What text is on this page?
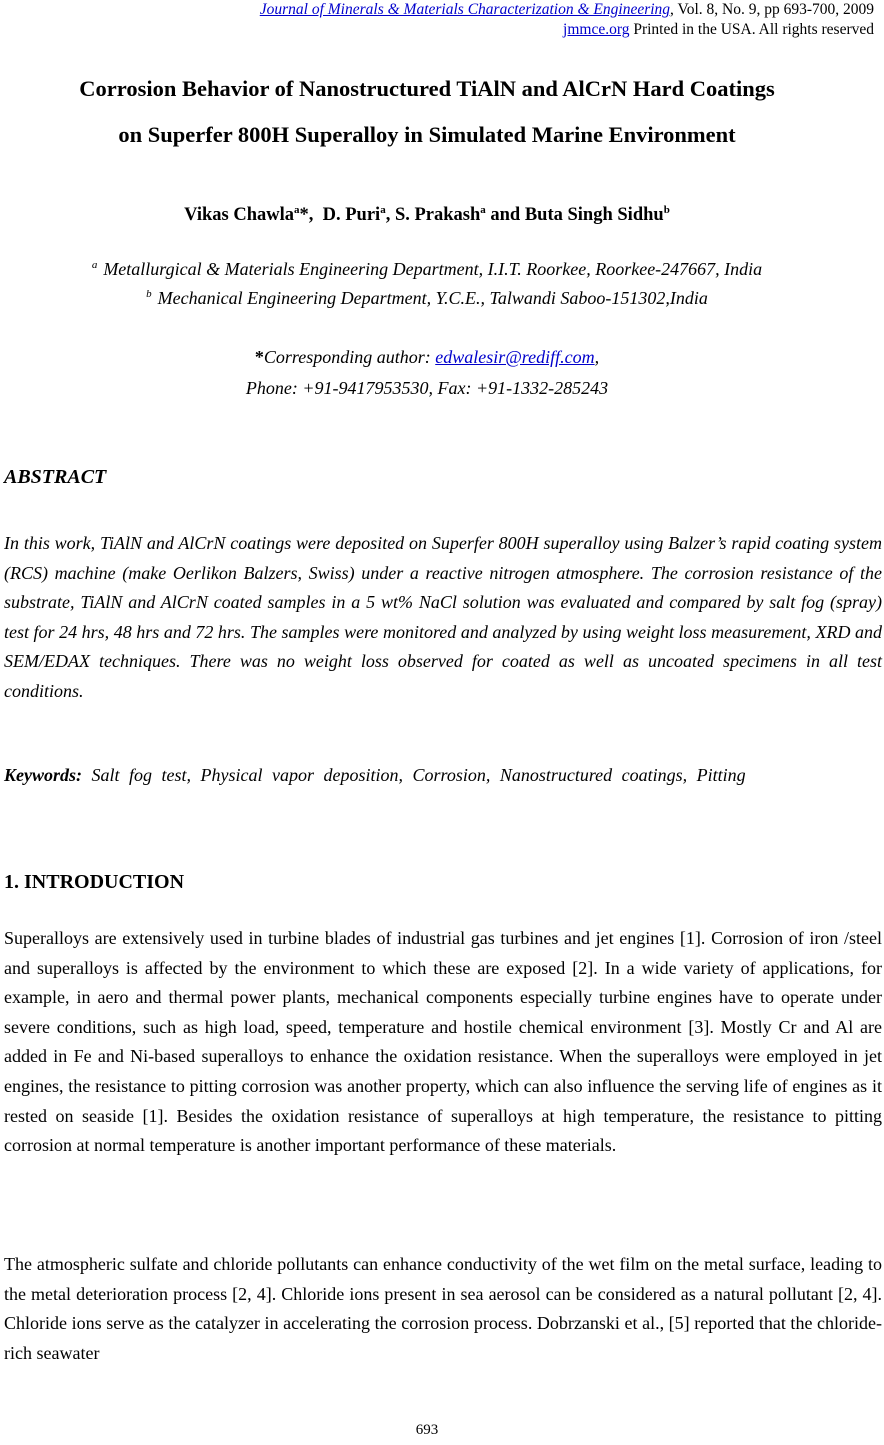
Journal of Minerals & Materials Characterization & Engineering, Vol. 8, No. 9, pp 693-700, 2009
jmmce.org Printed in the USA. All rights reserved
Corrosion Behavior of Nanostructured TiAlN and AlCrN Hard Coatings
on Superfer 800H Superalloy in Simulated Marine Environment
Vikas Chawla$^a$*, D. Puri$^a$, S. Prakash$^a$ and Buta Singh Sidhu$^b$
$^a$ Metallurgical & Materials Engineering Department, I.I.T. Roorkee, Roorkee-247667, India
$^b$ Mechanical Engineering Department, Y.C.E., Talwandi Saboo-151302,India
*Corresponding author: edwalesir@rediff.com,
Phone: +91-9417953530, Fax: +91-1332-285243
ABSTRACT
In this work, TiAlN and AlCrN coatings were deposited on Superfer 800H superalloy using Balzer’s rapid coating system (RCS) machine (make Oerlikon Balzers, Swiss) under a reactive nitrogen atmosphere. The corrosion resistance of the substrate, TiAlN and AlCrN coated samples in a 5 wt% NaCl solution was evaluated and compared by salt fog (spray) test for 24 hrs, 48 hrs and 72 hrs. The samples were monitored and analyzed by using weight loss measurement, XRD and SEM/EDAX techniques. There was no weight loss observed for coated as well as uncoated specimens in all test conditions.
Keywords: Salt fog test, Physical vapor deposition, Corrosion, Nanostructured coatings, Pitting
1. INTRODUCTION
Superalloys are extensively used in turbine blades of industrial gas turbines and jet engines [1]. Corrosion of iron /steel and superalloys is affected by the environment to which these are exposed [2]. In a wide variety of applications, for example, in aero and thermal power plants, mechanical components especially turbine engines have to operate under severe conditions, such as high load, speed, temperature and hostile chemical environment [3]. Mostly Cr and Al are added in Fe and Ni-based superalloys to enhance the oxidation resistance. When the superalloys were employed in jet engines, the resistance to pitting corrosion was another property, which can also influence the serving life of engines as it rested on seaside [1]. Besides the oxidation resistance of superalloys at high temperature, the resistance to pitting corrosion at normal temperature is another important performance of these materials.
The atmospheric sulfate and chloride pollutants can enhance conductivity of the wet film on the metal surface, leading to the metal deterioration process [2, 4]. Chloride ions present in sea aerosol can be considered as a natural pollutant [2, 4]. Chloride ions serve as the catalyzer in accelerating the corrosion process. Dobrzanski et al., [5] reported that the chloride-rich seawater
693
